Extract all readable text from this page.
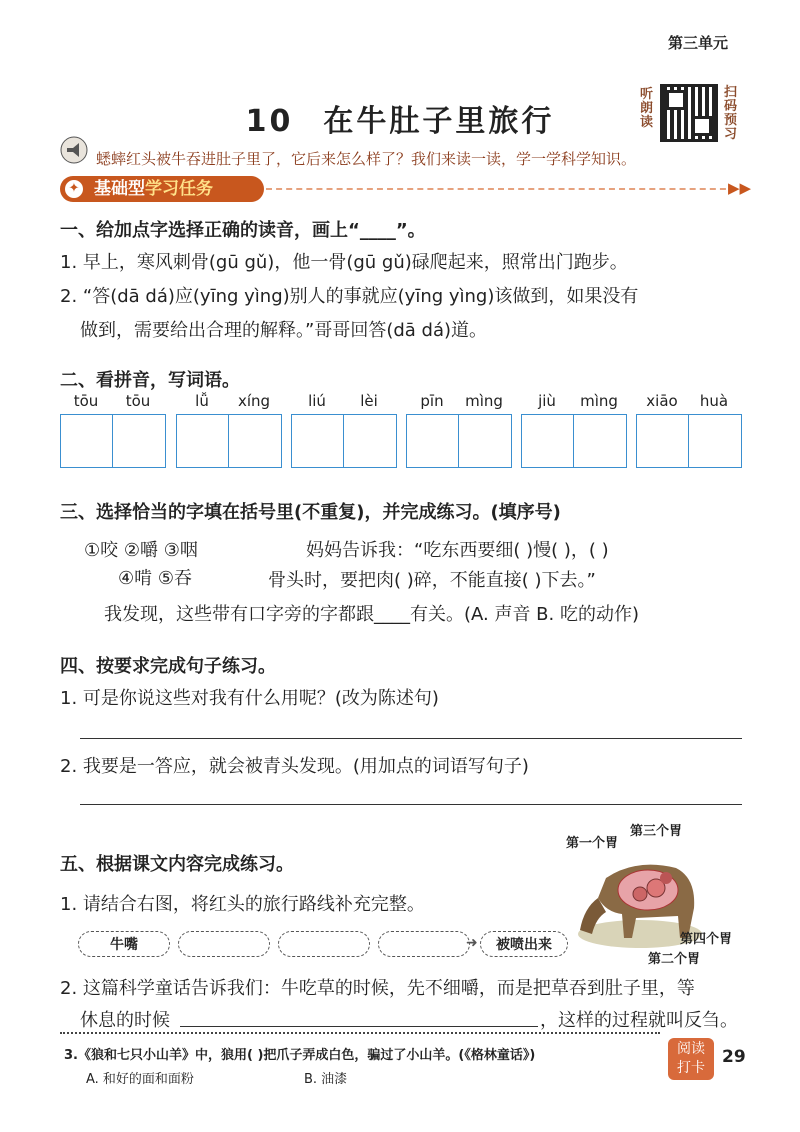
第三单元
10 在牛肚子里旅行
听朗读
扫码预习
蟋蟀红头被牛吞进肚子里了，它后来怎么样了？我们来读一读，学一学科学知识。
基础型学习任务
✦	▶▶
一、给加点字选择正确的读音，画上“____”。
1. 早上，寒风刺骨(gū gǔ)，他一骨(gū gǔ)碌爬起来，照常出门跑步。
2. “答(dā dá)应(yīng yìng)别人的事就应(yīng yìng)该做到，如果没有
做到，需要给出合理的解释。”哥哥回答(dā dá)道。
二、看拼音，写词语。
tōu	tōu	lǚ	xíng	liú	lèi	pīn	mìng	jiù	mìng	xiāo	huà
三、选择恰当的字填在括号里(不重复)，并完成练习。(填序号)
①咬 ②嚼 ③咽
④啃 ⑤吞
妈妈告诉我：“吃东西要细( )慢( )，( )
骨头时，要把肉( )碎，不能直接( )下去。”
我发现，这些带有口字旁的字都跟____有关。(A. 声音 B. 吃的动作)
四、按要求完成句子练习。
1. 可是你说这些对我有什么用呢？(改为陈述句)
2. 我要是一答应，就会被青头发现。(用加点的词语写句子)
五、根据课文内容完成练习。
1. 请结合右图，将红头的旅行路线补充完整。
第一个胃
第三个胃
第四个胃
第二个胃
牛嘴	➜	被喷出来
2. 这篇科学童话告诉我们：牛吃草的时候，先不细嚼，而是把草吞到肚子里，等
休息的时候	，这样的过程就叫反刍。
3.《狼和七只小山羊》中，狼用( )把爪子弄成白色，骗过了小山羊。(《格林童话》)
A. 和好的面和面粉	B. 油漆
阅读
打卡
29
